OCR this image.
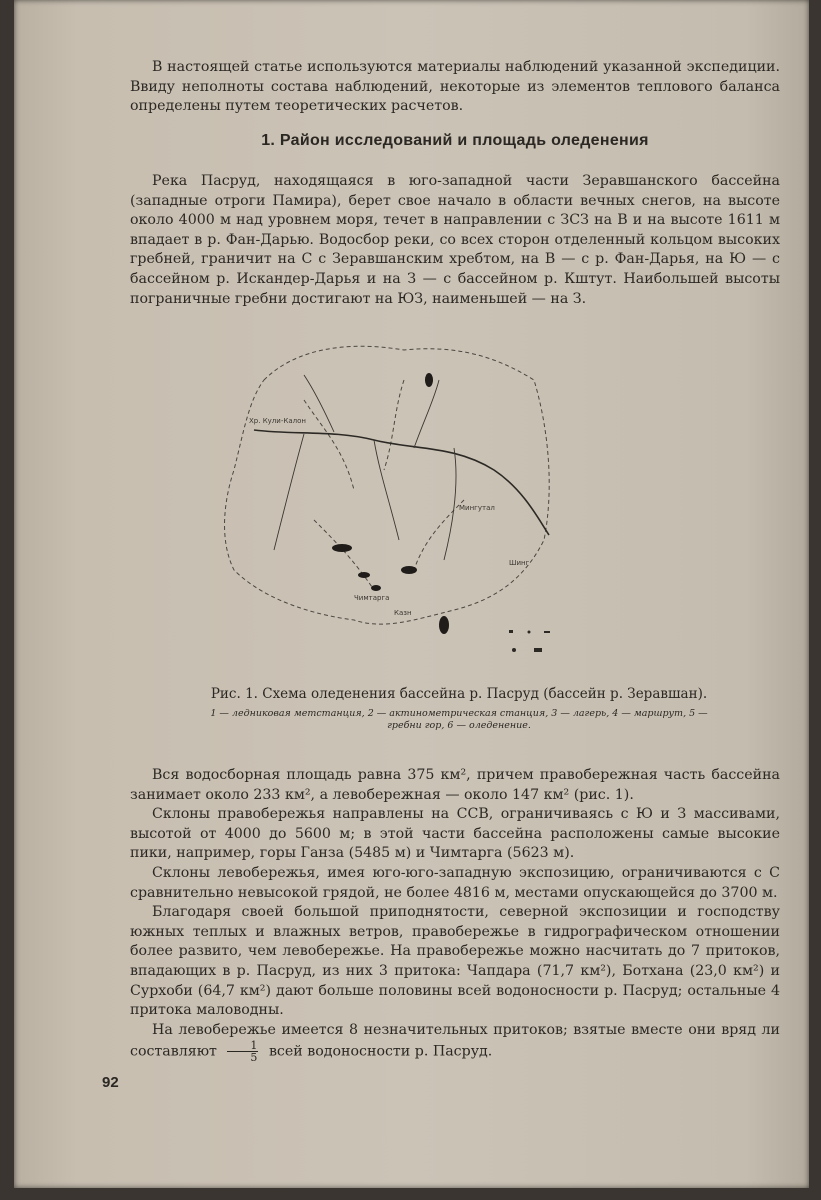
В настоящей статье используются материалы наблюдений указанной экспедиции. Ввиду неполноты состава наблюдений, некоторые из элементов теплового баланса определены путем теоретических расчетов.

1. Район исследований и площадь оледенения

Река Пасруд, находящаяся в юго-западной части Зеравшанского бассейна (западные отроги Памира), берет свое начало в области вечных снегов, на высоте около 4000 м над уровнем моря, течет в направлении с ЗСЗ на В и на высоте 1611 м впадает в р. Фан-Дарью. Водосбор реки, со всех сторон отделенный кольцом высоких гребней, граничит на С с Зеравшанским хребтом, на В — с р. Фан-Дарья, на Ю — с бассейном р. Искандер-Дарья и на З — с бассейном р. Кштут. Наибольшей высоты пограничные гребни достигают на ЮЗ, наименьшей — на З.

Хр. Кули-Калон
Мингутал
Чимтарга
Шинг
Казн
Рис. 1. Схема оледенения бассейна р. Пасруд (бассейн р. Зеравшан).
1 — ледниковая метстанция, 2 — актинометрическая станция, 3 — лагерь, 4 — маршрут, 5 — гребни гор, 6 — оледенение.

Вся водосборная площадь равна 375 км², причем правобережная часть бассейна занимает около 233 км², а левобережная — около 147 км² (рис. 1).

Склоны правобережья направлены на ССВ, ограничиваясь с Ю и З массивами, высотой от 4000 до 5600 м; в этой части бассейна расположены самые высокие пики, например, горы Ганза (5485 м) и Чимтарга (5623 м).

Склоны левобережья, имея юго-юго-западную экспозицию, ограничиваются с С сравнительно невысокой грядой, не более 4816 м, местами опускающейся до 3700 м.

Благодаря своей большой приподнятости, северной экспозиции и господству южных теплых и влажных ветров, правобережье в гидрографическом отношении более развито, чем левобережье. На правобережье можно насчитать до 7 притоков, впадающих в р. Пасруд, из них 3 притока: Чапдара (71,7 км²), Ботхана (23,0 км²) и Сурхоби (64,7 км²) дают больше половины всей водоносности р. Пасруд; остальные 4 притока маловодны.

На левобережье имеется 8 незначительных притоков; взятые вместе они вряд ли составляют $\frac{1}{5}$ всей водоносности р. Пасруд.

92
